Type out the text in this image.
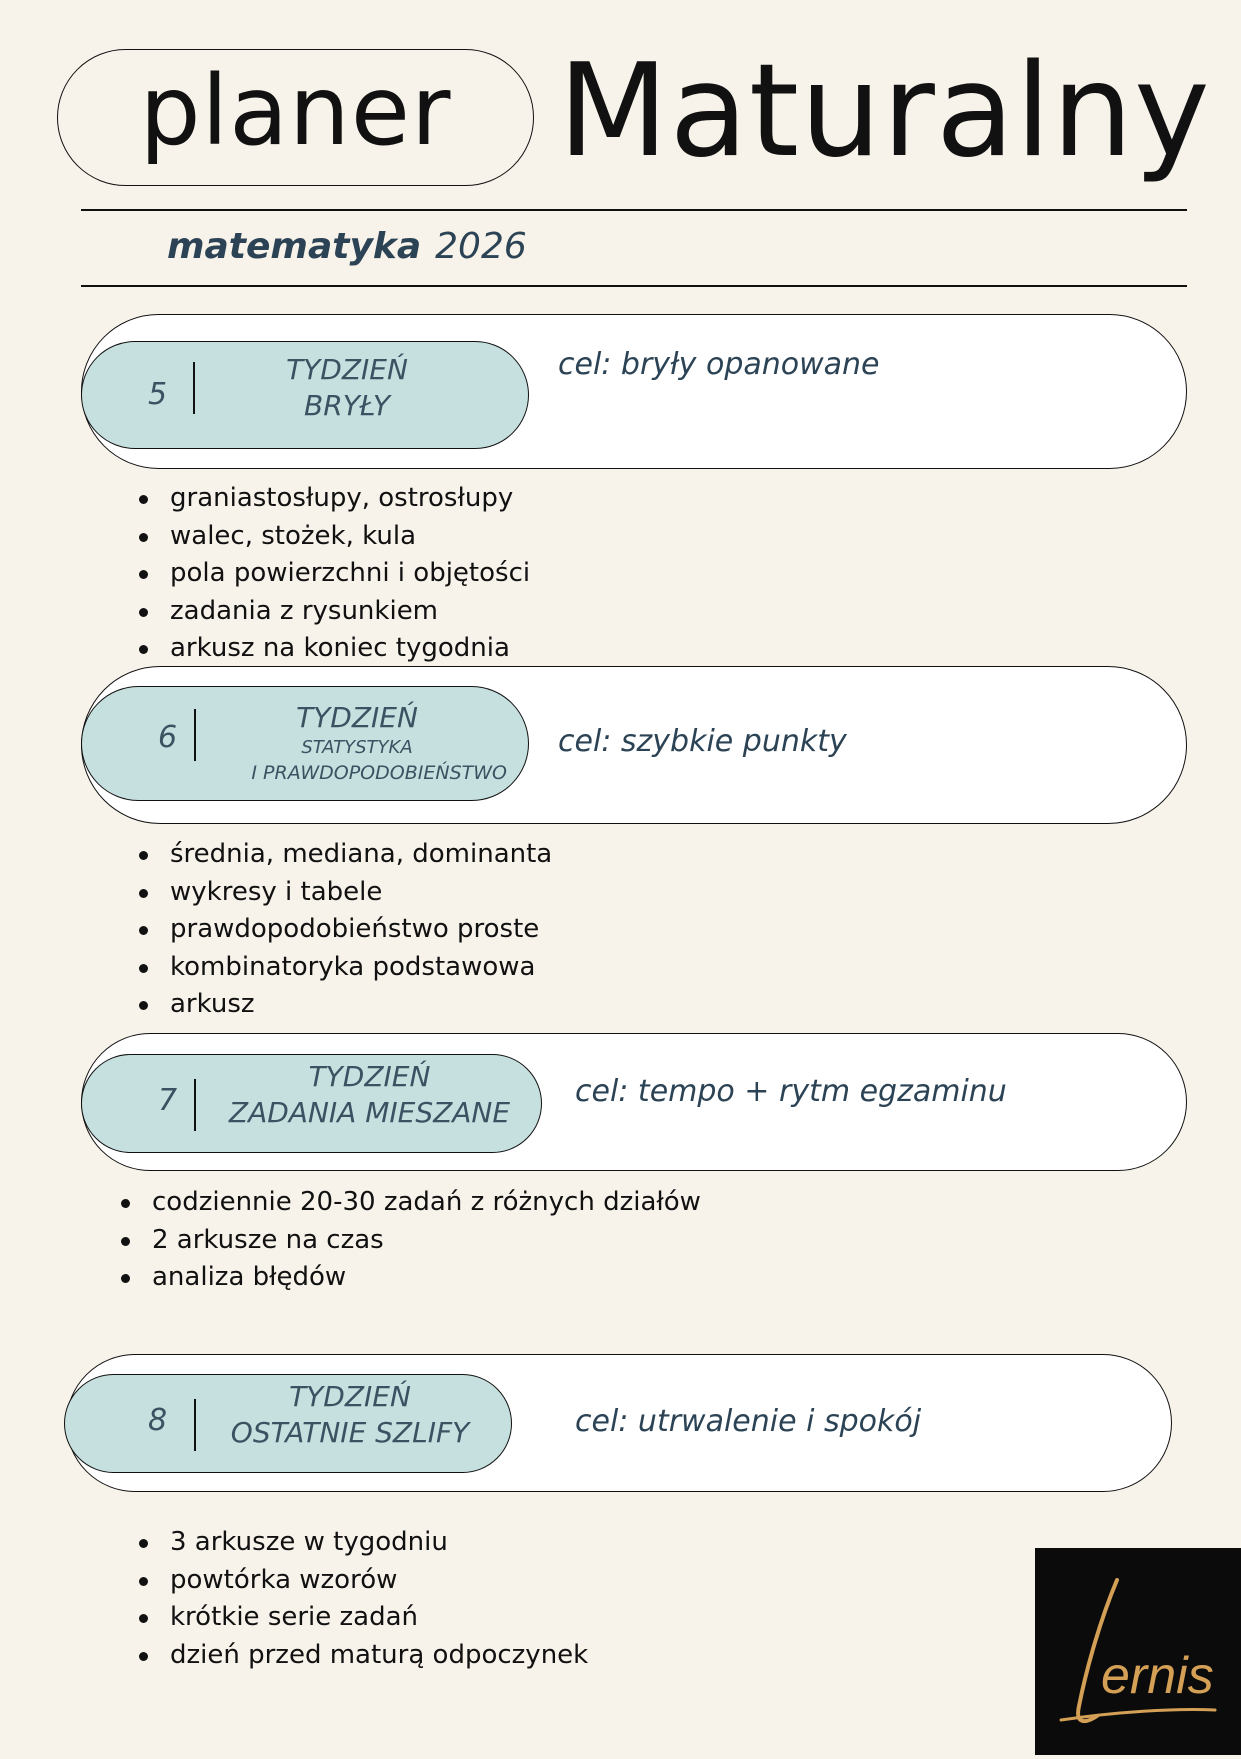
planer Maturalny
matematyka 2026
5
TYDZIEŃ
BRYŁY
cel: bryły opanowane
graniastosłupy, ostrosłupy
walec, stożek, kula
pola powierzchni i objętości
zadania z rysunkiem
arkusz na koniec tygodnia
6
TYDZIEŃ
STATYSTYKA
I PRAWDOPODOBIEŃSTWO
cel: szybkie punkty
średnia, mediana, dominanta
wykresy i tabele
prawdopodobieństwo proste
kombinatoryka podstawowa
arkusz
7
TYDZIEŃ
ZADANIA MIESZANE
cel: tempo + rytm egzaminu
codziennie 20-30 zadań z różnych działów
2 arkusze na czas
analiza błędów
8
TYDZIEŃ
OSTATNIE SZLIFY	cel: utrwalenie i spokój
3 arkusze w tygodniu
powtórka wzorów
krótkie serie zadań
dzień przed maturą odpoczynek	ernis
